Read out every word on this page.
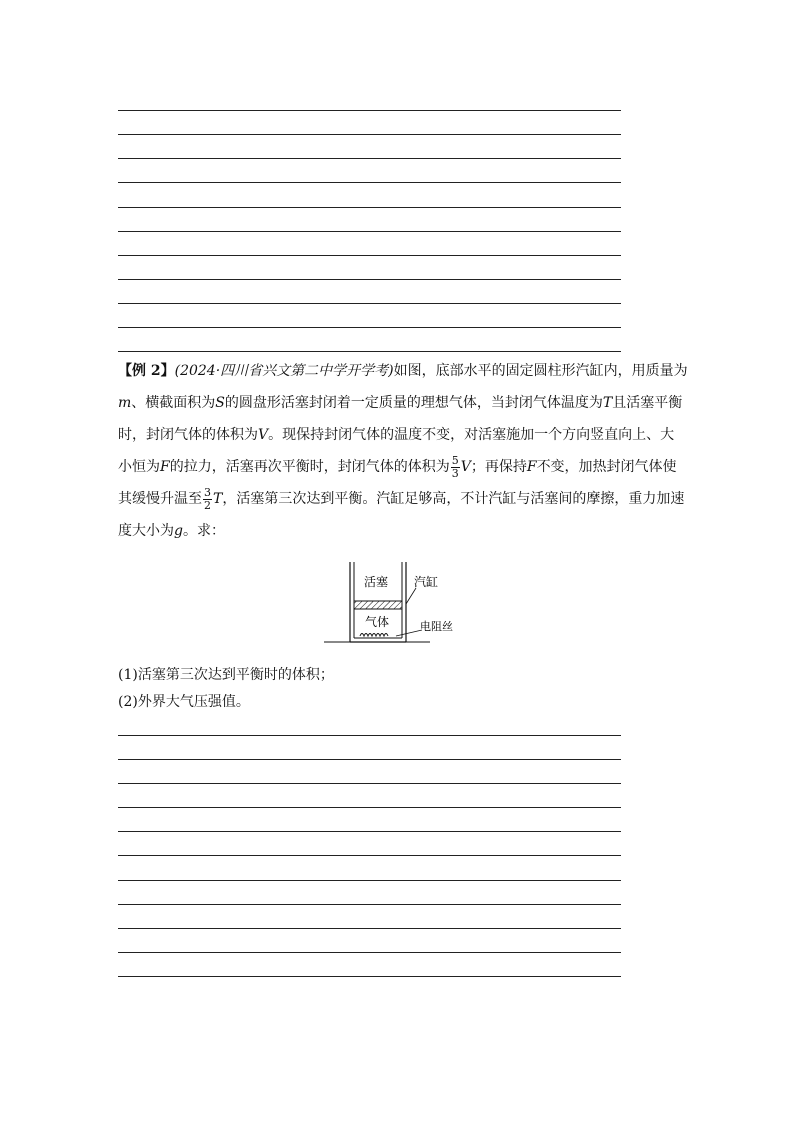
【例 2】(2024·四川省兴文第二中学开学考)如图，底部水平的固定圆柱形汽缸内，用质量为m、横截面积为S的圆盘形活塞封闭着一定质量的理想气体，当封闭气体温度为T且活塞平衡时，封闭气体的体积为V。现保持封闭气体的温度不变，对活塞施加一个方向竖直向上、大小恒为F的拉力，活塞再次平衡时，封闭气体的体积为 $\frac{5}{3}$ V；再保持F不变，加热封闭气体使其缓慢升温至 $\frac{3}{2}$ T，活塞第三次达到平衡。汽缸足够高，不计汽缸与活塞间的摩擦，重力加速度大小为g。求：

活塞 汽缸
气体	电阻丝
(1)活塞第三次达到平衡时的体积；
(2)外界大气压强值。
